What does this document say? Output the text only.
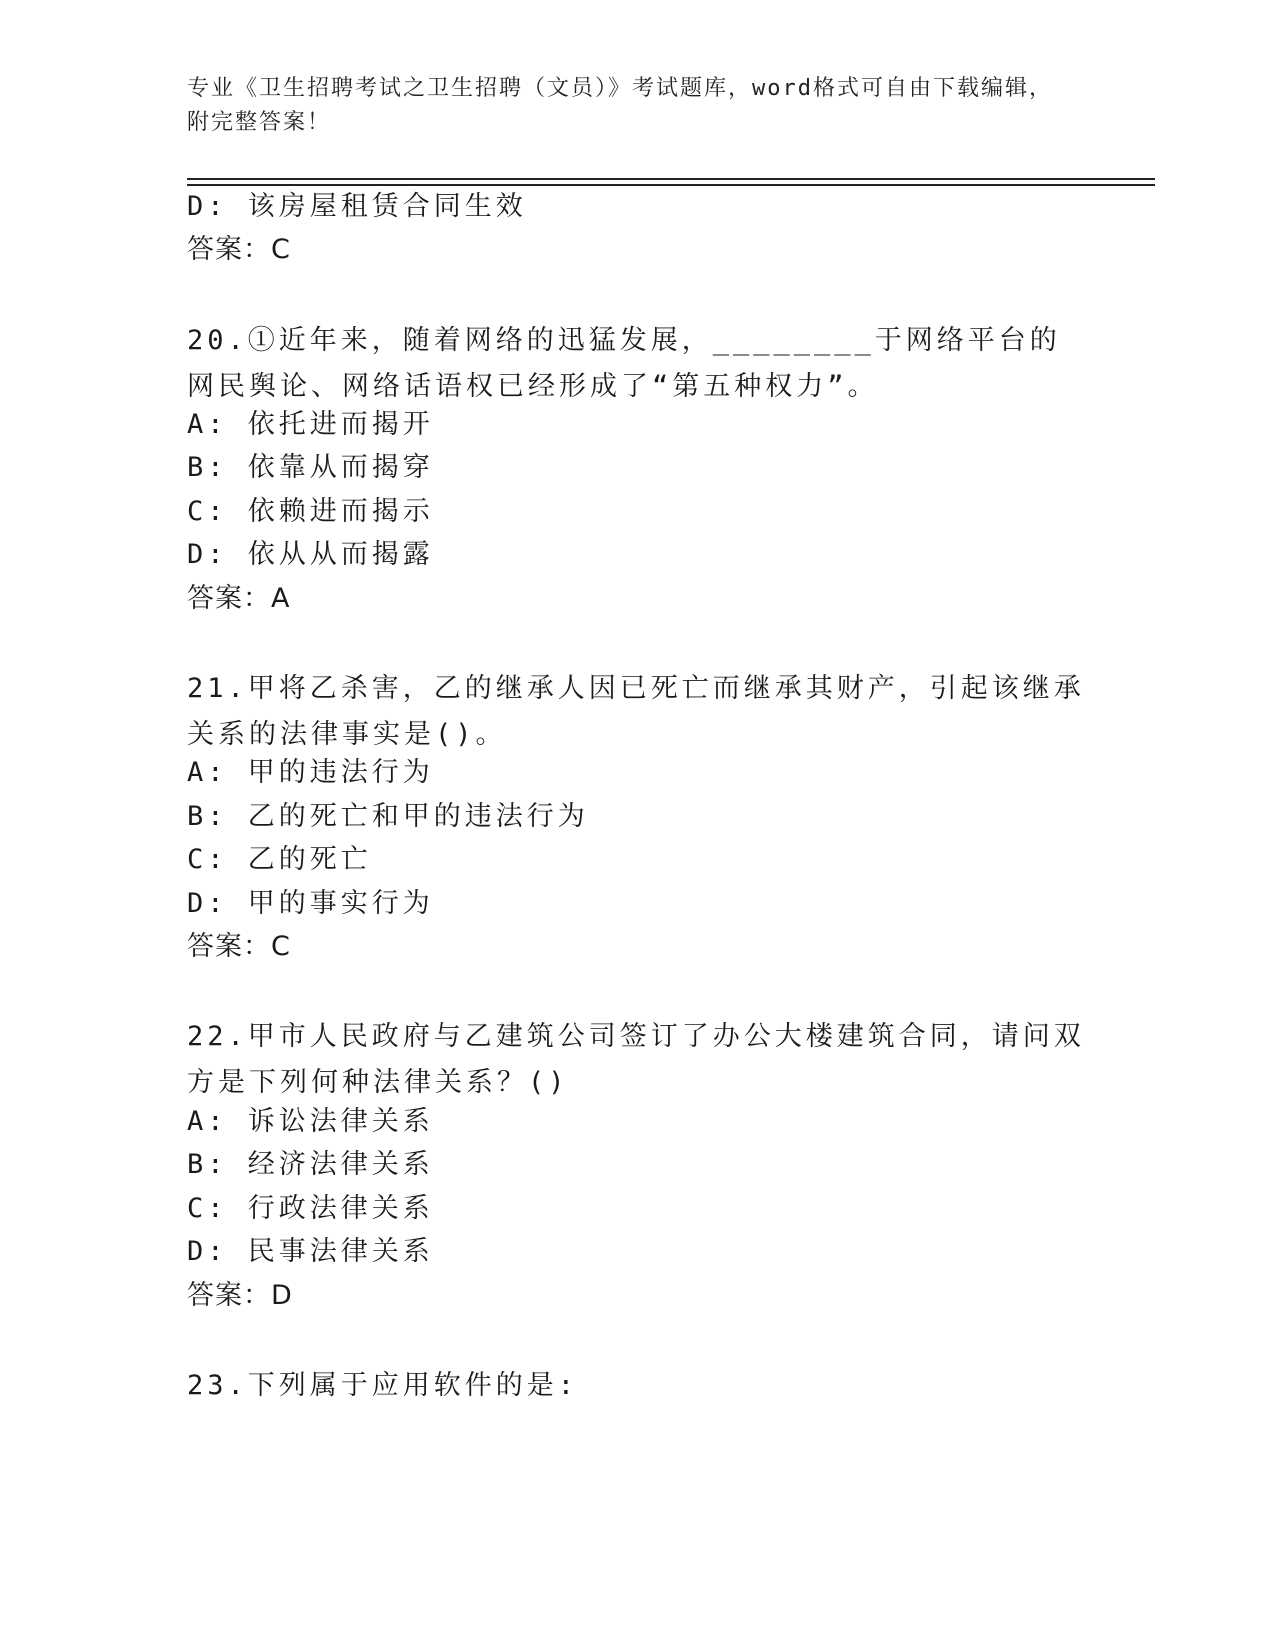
专业《卫生招聘考试之卫生招聘（文员）》考试题库，word格式可自由下载编辑，附完整答案！
D: 该房屋租赁合同生效
答案：C
20.①近年来，随着网络的迅猛发展，________于网络平台的网民舆论、网络话语权已经形成了“第五种权力”。
A: 依托进而揭开
B: 依靠从而揭穿
C: 依赖进而揭示
D: 依从从而揭露
答案：A
21.甲将乙杀害，乙的继承人因已死亡而继承其财产，引起该继承关系的法律事实是()。
A: 甲的违法行为
B: 乙的死亡和甲的违法行为
C: 乙的死亡
D: 甲的事实行为
答案：C
22.甲市人民政府与乙建筑公司签订了办公大楼建筑合同，请问双方是下列何种法律关系？()
A: 诉讼法律关系
B: 经济法律关系
C: 行政法律关系
D: 民事法律关系
答案：D
23.下列属于应用软件的是:
